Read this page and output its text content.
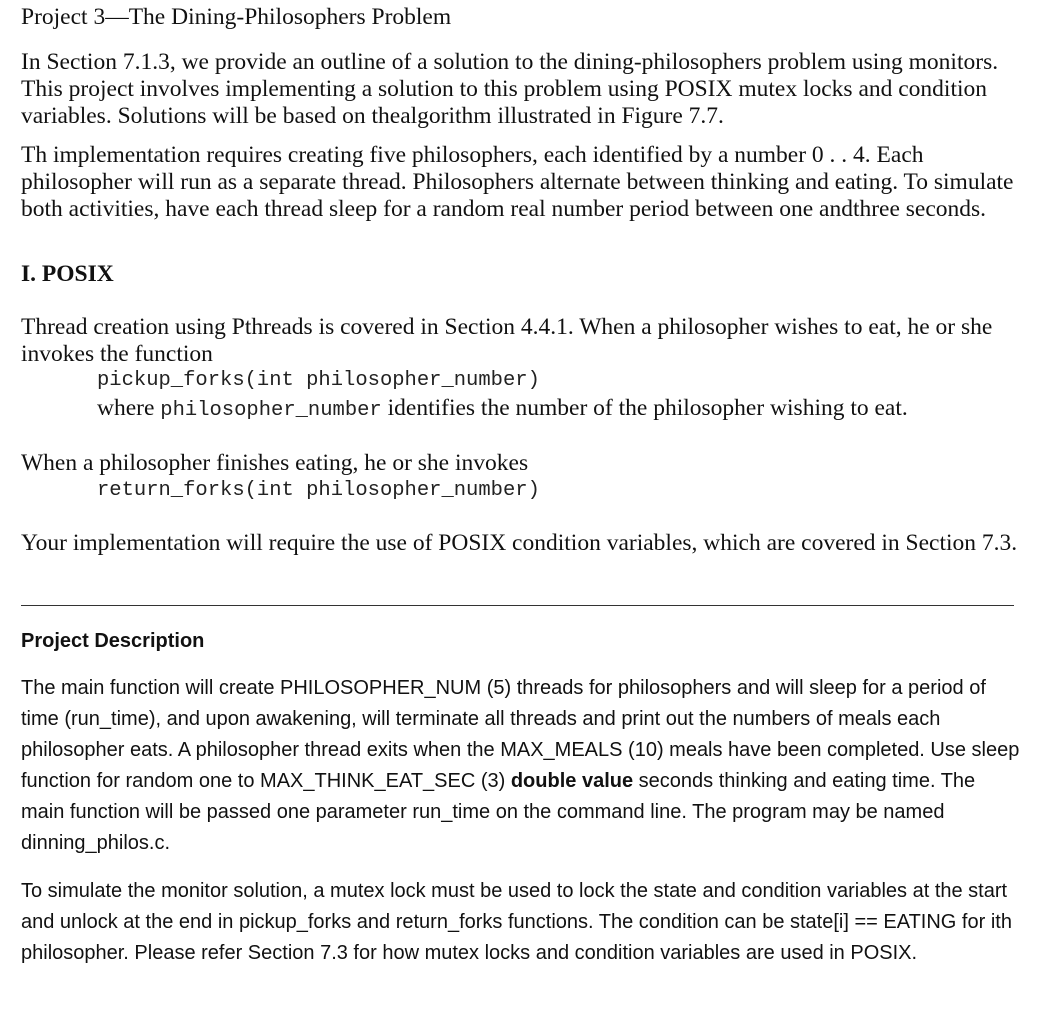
Project 3—The Dining-Philosophers Problem

In Section 7.1.3, we provide an outline of a solution to the dining-philosophers problem using monitors. This project involves implementing a solution to this problem using POSIX mutex locks and condition variables. Solutions will be based on thealgorithm illustrated in Figure 7.7.

Th implementation requires creating five philosophers, each identified by a number 0 . . 4. Each philosopher will run as a separate thread. Philosophers alternate between thinking and eating. To simulate both activities, have each thread sleep for a random real number period between one andthree seconds.

I. POSIX

Thread creation using Pthreads is covered in Section 4.4.1. When a philosopher wishes to eat, he or she invokes the function

pickup_forks(int philosopher_number)

where philosopher_number identifies the number of the philosopher wishing to eat.

When a philosopher finishes eating, he or she invokes

return_forks(int philosopher_number)

Your implementation will require the use of POSIX condition variables, which are covered in Section 7.3.

Project Description

The main function will create PHILOSOPHER_NUM (5) threads for philosophers and will sleep for a period of time (run_time), and upon awakening, will terminate all threads and print out the numbers of meals each philosopher eats. A philosopher thread exits when the MAX_MEALS (10) meals have been completed. Use sleep function for random one to MAX_THINK_EAT_SEC (3) double value seconds thinking and eating time. The main function will be passed one parameter run_time on the command line. The program may be named dinning_philos.c.

To simulate the monitor solution, a mutex lock must be used to lock the state and condition variables at the start and unlock at the end in pickup_forks and return_forks functions. The condition can be state[i] == EATING for ith philosopher. Please refer Section 7.3 for how mutex locks and condition variables are used in POSIX.
